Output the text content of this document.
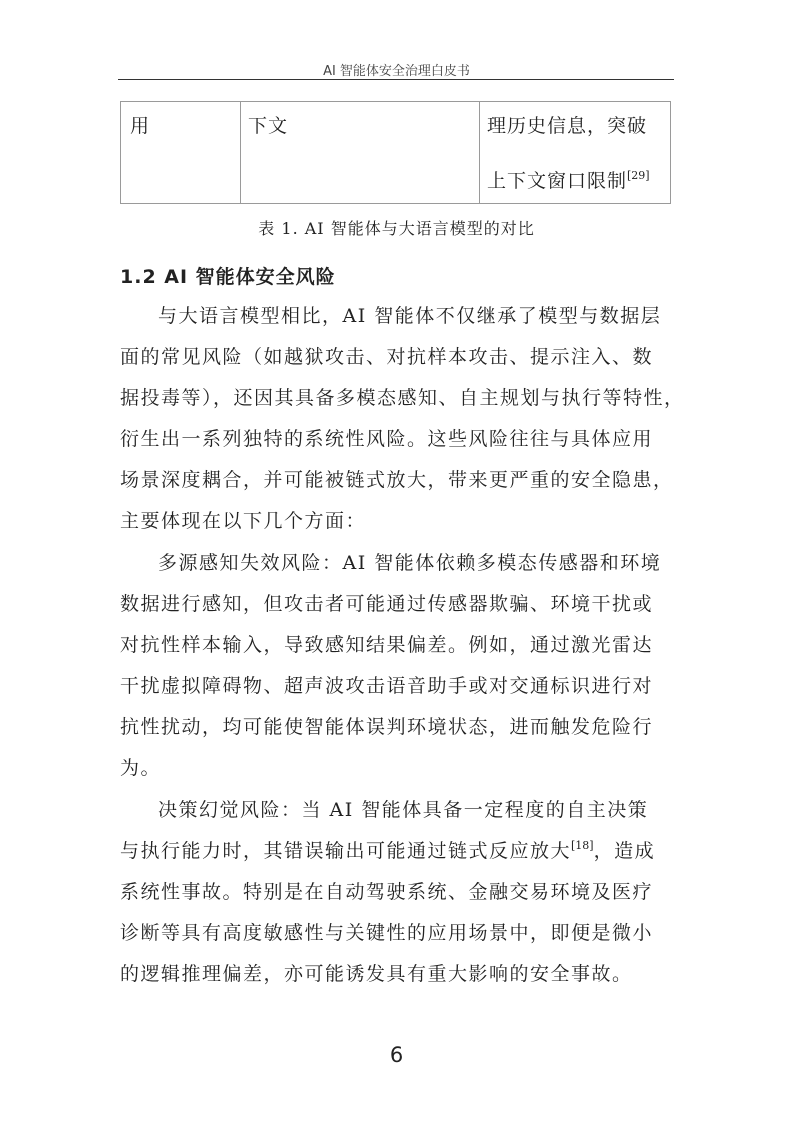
AI 智能体安全治理白皮书
用	下文	理历史信息，突破
上下文窗口限制[29]
表 1. AI 智能体与大语言模型的对比
1.2 AI 智能体安全风险
与大语言模型相比，AI 智能体不仅继承了模型与数据层
面的常见风险（如越狱攻击、对抗样本攻击、提示注入、数
据投毒等），还因其具备多模态感知、自主规划与执行等特性，
衍生出一系列独特的系统性风险。这些风险往往与具体应用
场景深度耦合，并可能被链式放大，带来更严重的安全隐患，
主要体现在以下几个方面：
多源感知失效风险：AI 智能体依赖多模态传感器和环境
数据进行感知，但攻击者可能通过传感器欺骗、环境干扰或
对抗性样本输入，导致感知结果偏差。例如，通过激光雷达
干扰虚拟障碍物、超声波攻击语音助手或对交通标识进行对
抗性扰动，均可能使智能体误判环境状态，进而触发危险行
为。
决策幻觉风险：当 AI 智能体具备一定程度的自主决策
与执行能力时，其错误输出可能通过链式反应放大[18]，造成
系统性事故。特别是在自动驾驶系统、金融交易环境及医疗
诊断等具有高度敏感性与关键性的应用场景中，即便是微小
的逻辑推理偏差，亦可能诱发具有重大影响的安全事故。
6
